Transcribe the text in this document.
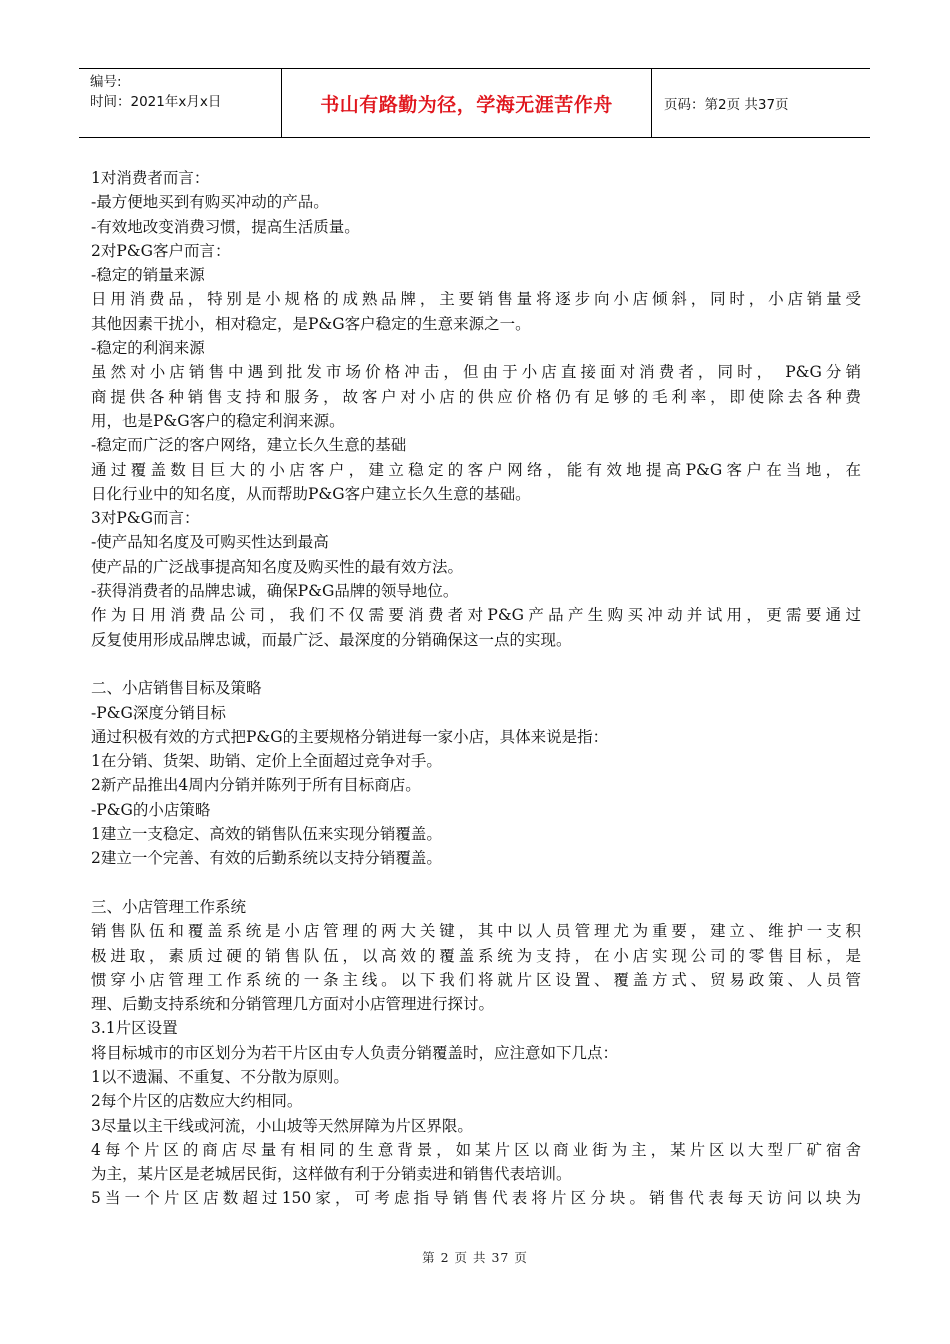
编号:
时间：2021年x月x日	书山有路勤为径，学海无涯苦作舟	页码：第2页 共37页
1对消费者而言：
-最方便地买到有购买冲动的产品。
-有效地改变消费习惯，提高生活质量。
2对P&G客户而言：
-稳定的销量来源
日用消费品，特别是小规格的成熟品牌，主要销售量将逐步向小店倾斜，同时，小店销量受
其他因素干扰小，相对稳定，是P&G客户稳定的生意来源之一。
-稳定的利润来源
虽然对小店销售中遇到批发市场价格冲击，但由于小店直接面对消费者，同时， P&G分销
商提供各种销售支持和服务，故客户对小店的供应价格仍有足够的毛利率，即使除去各种费
用，也是P&G客户的稳定利润来源。
-稳定而广泛的客户网络，建立长久生意的基础
通过覆盖数目巨大的小店客户，建立稳定的客户网络，能有效地提高P&G客户在当地，在
日化行业中的知名度，从而帮助P&G客户建立长久生意的基础。
3对P&G而言：
-使产品知名度及可购买性达到最高
使产品的广泛战事提高知名度及购买性的最有效方法。
-获得消费者的品牌忠诚，确保P&G品牌的领导地位。
作为日用消费品公司，我们不仅需要消费者对P&G产品产生购买冲动并试用，更需要通过
反复使用形成品牌忠诚，而最广泛、最深度的分销确保这一点的实现。
二、小店销售目标及策略
-P&G深度分销目标
通过积极有效的方式把P&G的主要规格分销进每一家小店，具体来说是指：
1在分销、货架、助销、定价上全面超过竞争对手。
2新产品推出4周内分销并陈列于所有目标商店。
-P&G的小店策略
1建立一支稳定、高效的销售队伍来实现分销覆盖。
2建立一个完善、有效的后勤系统以支持分销覆盖。
三、小店管理工作系统
销售队伍和覆盖系统是小店管理的两大关键，其中以人员管理尤为重要，建立、维护一支积
极进取，素质过硬的销售队伍，以高效的覆盖系统为支持，在小店实现公司的零售目标，是
惯穿小店管理工作系统的一条主线。以下我们将就片区设置、覆盖方式、贸易政策、人员管
理、后勤支持系统和分销管理几方面对小店管理进行探讨。
3.1片区设置
将目标城市的市区划分为若干片区由专人负责分销覆盖时，应注意如下几点：
1以不遗漏、不重复、不分散为原则。
2每个片区的店数应大约相同。
3尽量以主干线或河流，小山坡等天然屏障为片区界限。
4每个片区的商店尽量有相同的生意背景，如某片区以商业街为主，某片区以大型厂矿宿舍
为主，某片区是老城居民街，这样做有利于分销卖进和销售代表培训。
5当一个片区店数超过150家，可考虑指导销售代表将片区分块。销售代表每天访问以块为
第 2 页 共 37 页
